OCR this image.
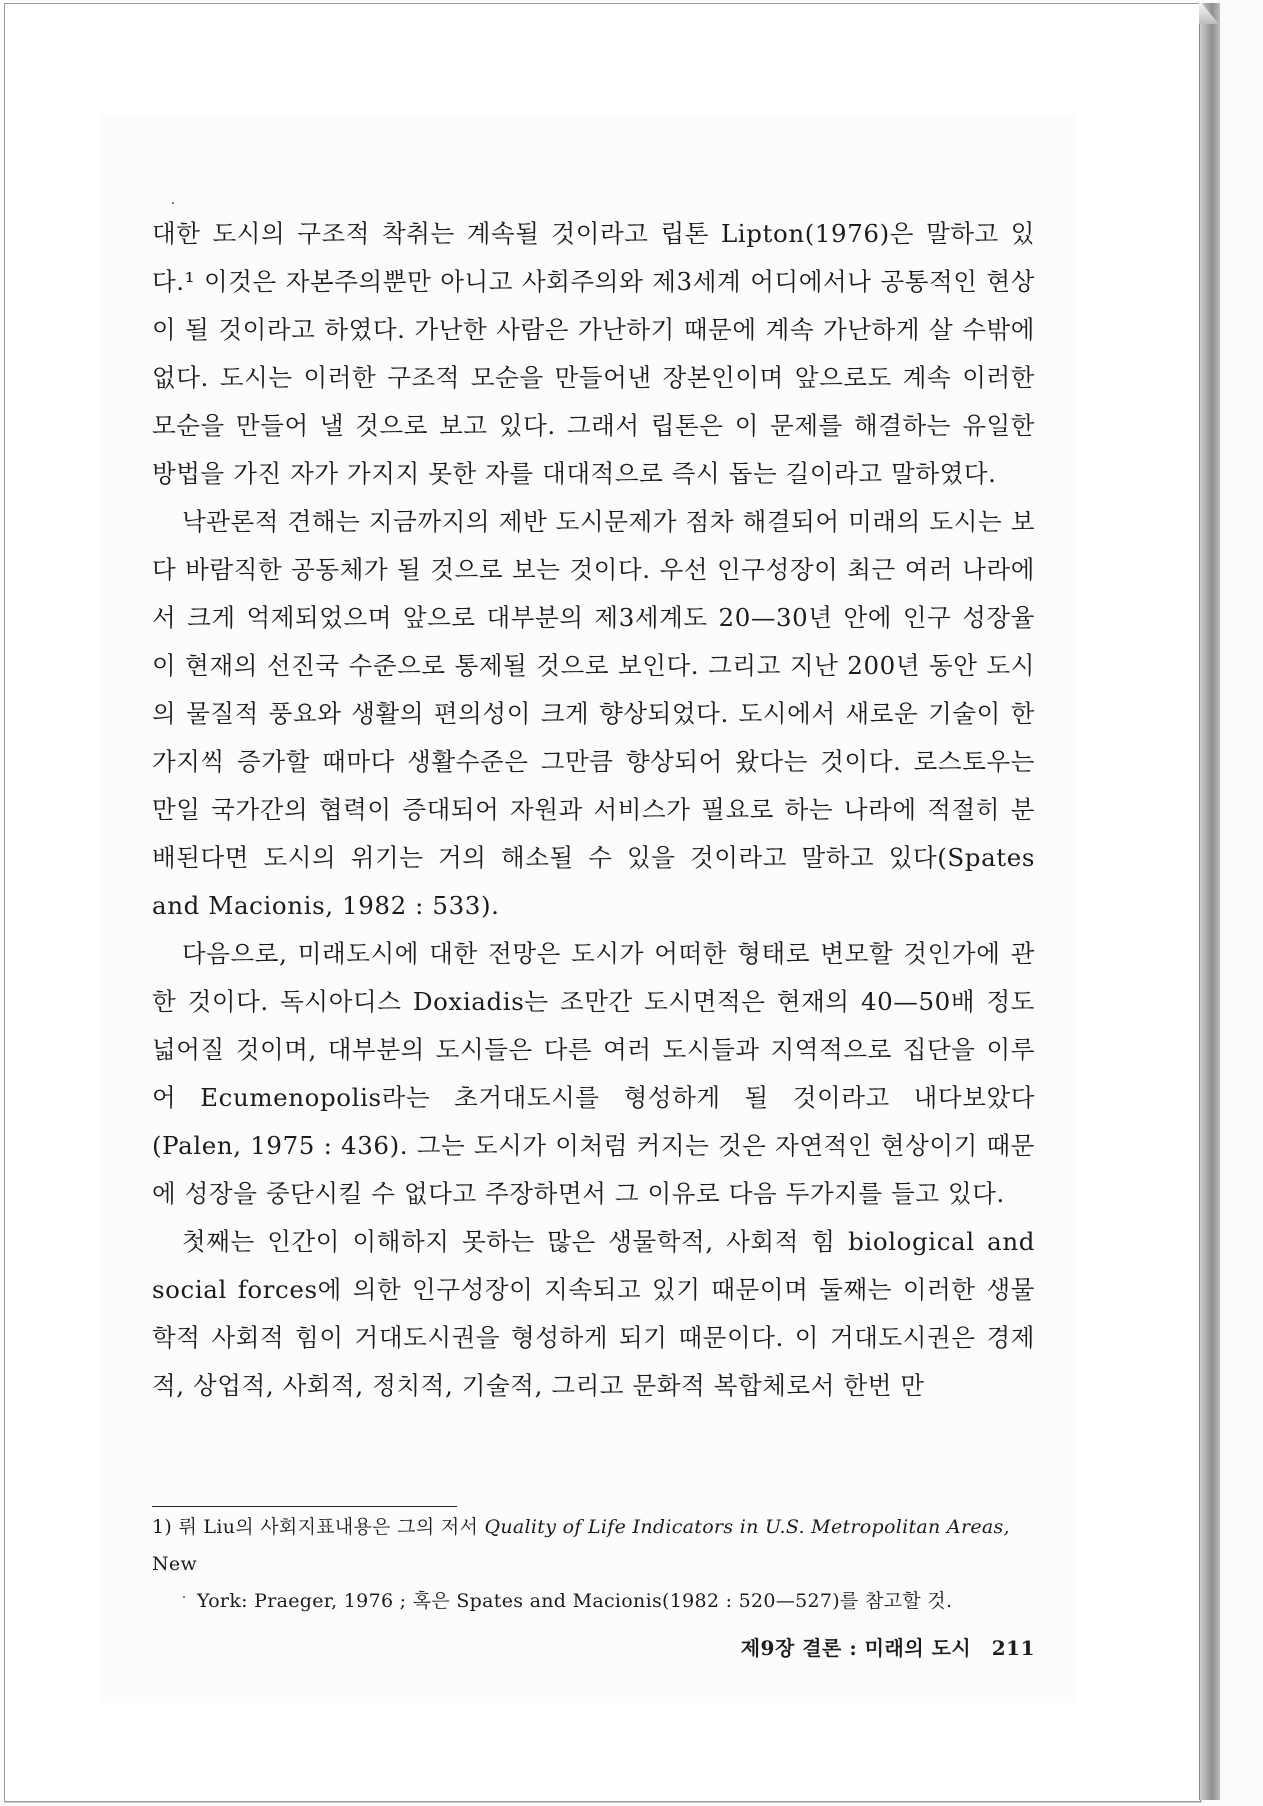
대한 도시의 구조적 착취는 계속될 것이라고 립톤 Lipton(1976)은 말하고 있다.¹ 이것은 자본주의뿐만 아니고 사회주의와 제3세계 어디에서나 공통적인 현상이 될 것이라고 하였다. 가난한 사람은 가난하기 때문에 계속 가난하게 살 수밖에 없다. 도시는 이러한 구조적 모순을 만들어낸 장본인이며 앞으로도 계속 이러한 모순을 만들어 낼 것으로 보고 있다. 그래서 립톤은 이 문제를 해결하는 유일한 방법을 가진 자가 가지지 못한 자를 대대적으로 즉시 돕는 길이라고 말하였다.

낙관론적 견해는 지금까지의 제반 도시문제가 점차 해결되어 미래의 도시는 보다 바람직한 공동체가 될 것으로 보는 것이다. 우선 인구성장이 최근 여러 나라에서 크게 억제되었으며 앞으로 대부분의 제3세계도 20—30년 안에 인구 성장율이 현재의 선진국 수준으로 통제될 것으로 보인다. 그리고 지난 200년 동안 도시의 물질적 풍요와 생활의 편의성이 크게 향상되었다. 도시에서 새로운 기술이 한가지씩 증가할 때마다 생활수준은 그만큼 향상되어 왔다는 것이다. 로스토우는 만일 국가간의 협력이 증대되어 자원과 서비스가 필요로 하는 나라에 적절히 분배된다면 도시의 위기는 거의 해소될 수 있을 것이라고 말하고 있다(Spates and Macionis, 1982 : 533).

다음으로, 미래도시에 대한 전망은 도시가 어떠한 형태로 변모할 것인가에 관한 것이다. 독시아디스 Doxiadis는 조만간 도시면적은 현재의 40—50배 정도 넓어질 것이며, 대부분의 도시들은 다른 여러 도시들과 지역적으로 집단을 이루어 Ecumenopolis라는 초거대도시를 형성하게 될 것이라고 내다보았다 (Palen, 1975 : 436). 그는 도시가 이처럼 커지는 것은 자연적인 현상이기 때문에 성장을 중단시킬 수 없다고 주장하면서 그 이유로 다음 두가지를 들고 있다.

첫째는 인간이 이해하지 못하는 많은 생물학적, 사회적 힘 biological and social forces에 의한 인구성장이 지속되고 있기 때문이며 둘째는 이러한 생물학적 사회적 힘이 거대도시권을 형성하게 되기 때문이다. 이 거대도시권은 경제적, 상업적, 사회적, 정치적, 기술적, 그리고 문화적 복합체로서 한번 만

1) 뤼 Liu의 사회지표내용은 그의 저서 Quality of Life Indicators in U.S. Metropolitan Areas, New
York: Praeger, 1976 ; 혹은 Spates and Macionis(1982 : 520—527)를 참고할 것.
제9장 결론 : 미래의 도시　211
